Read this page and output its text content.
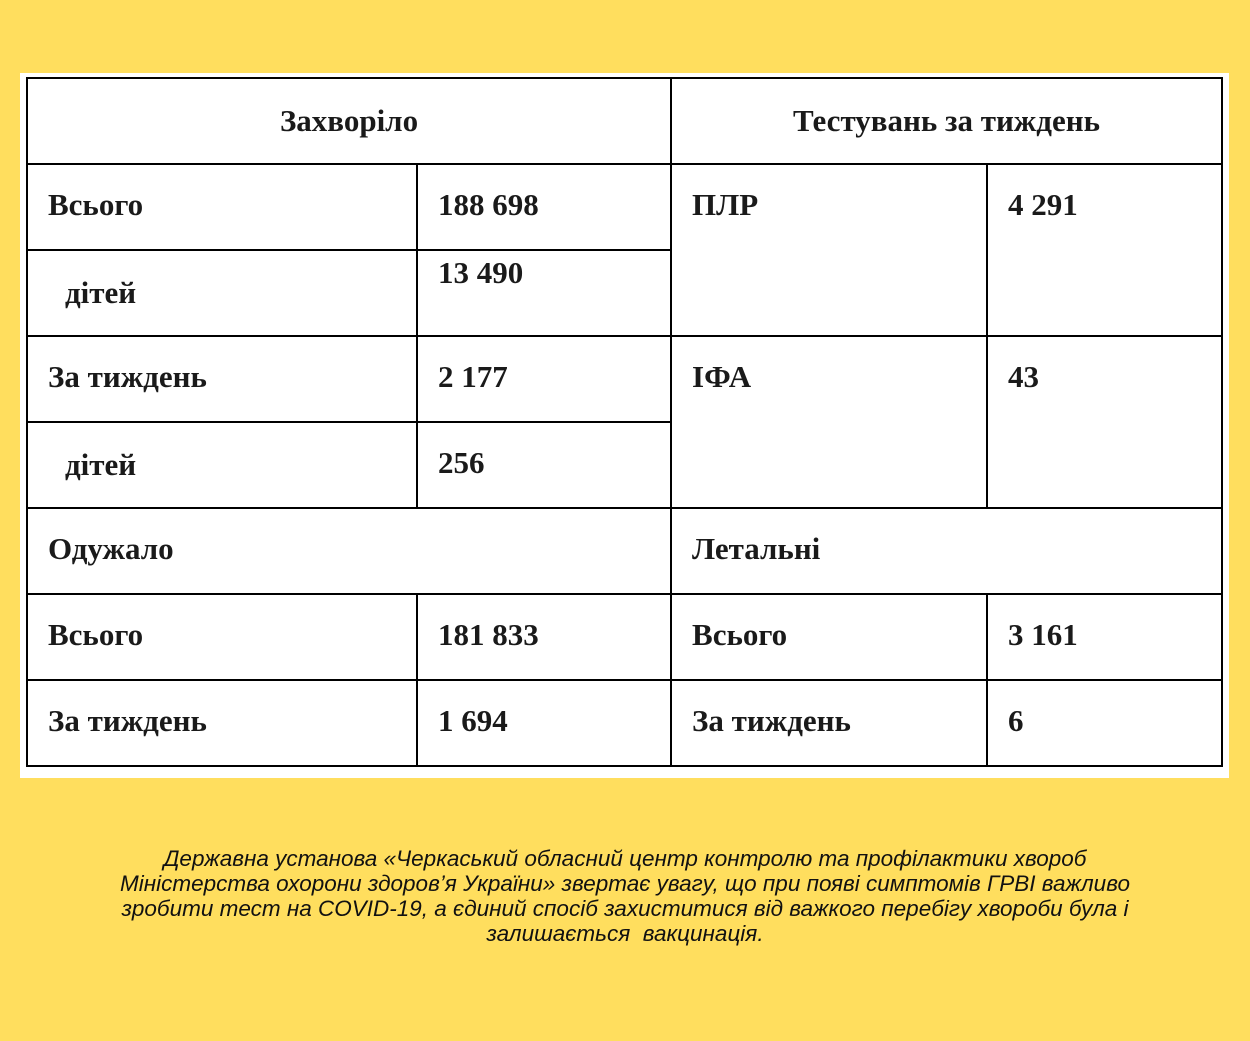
Захворіло		Тестувань за тиждень	

Всього	188 698	ПЛР	4 291

дітей	13 490		

За тиждень	2 177	ІФА	43

дітей	256		

Одужало		Летальні	

Всього	181 833	Всього	3 161

За тиждень	1 694	За тиждень	6

Державна установа «Черкаський обласний центр контролю та профілактики хвороб
Міністерства охорони здоров’я України» звертає увагу, що при появі симптомів ГРВІ важливо
зробити тест на COVID-19, а єдиний спосіб захиститися від важкого перебігу хвороби була і
залишається  вакцинація.
